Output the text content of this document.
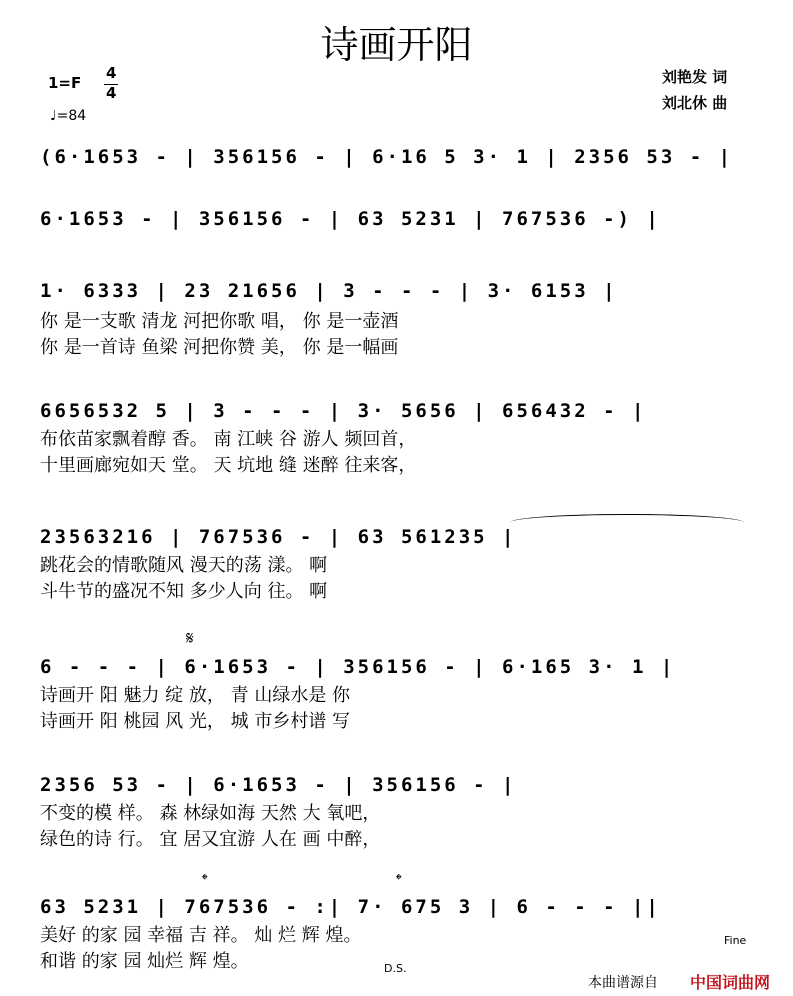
诗画开阳
1=F
4
4
♩=84
刘艳发 词
刘北休 曲
(6·1653 - | 356156 - | 6·16 5 3· 1 | 2356 53 - |
6·1653 - | 356156 - | 63 5231 | 767536 -) |
1· 6333 | 23 21656 | 3 - - - | 3· 6153 |
你 是一支歌 清龙 河把你歌 唱， 你 是一壶酒
你 是一首诗 鱼梁 河把你赞 美， 你 是一幅画
6656532 5 | 3 - - - | 3· 5656 | 656432 - |
布依苗家飘着醇 香。 南 江峡 谷 游人 频回首，
十里画廊宛如天 堂。 天 坑地 缝 迷醉 往来客，
23563216 | 767536 - | 63 561235 |
跳花会的情歌随风 漫天的荡 漾。 啊
斗牛节的盛况不知 多少人向 往。 啊
𝄋
6 - - - | 6·1653 - | 356156 - | 6·165 3· 1 |
诗画开 阳 魅力 绽 放， 青 山绿水是 你
诗画开 阳 桃园 风 光， 城 市乡村谱 写
2356 53 - | 6·1653 - | 356156 - |
不变的模 样。 森 林绿如海 天然 大 氧吧，
绿色的诗 行。 宜 居又宜游 人在 画 中醉，
𝄌	𝄌
63 5231 | 767536 - :| 7· 675 3 | 6 - - - ||
美好 的家 园 幸福 吉 祥。 灿 烂 辉 煌。
和谐 的家 园 灿烂 辉 煌。	D.S.
Fine
本曲谱源自 中国词曲网
